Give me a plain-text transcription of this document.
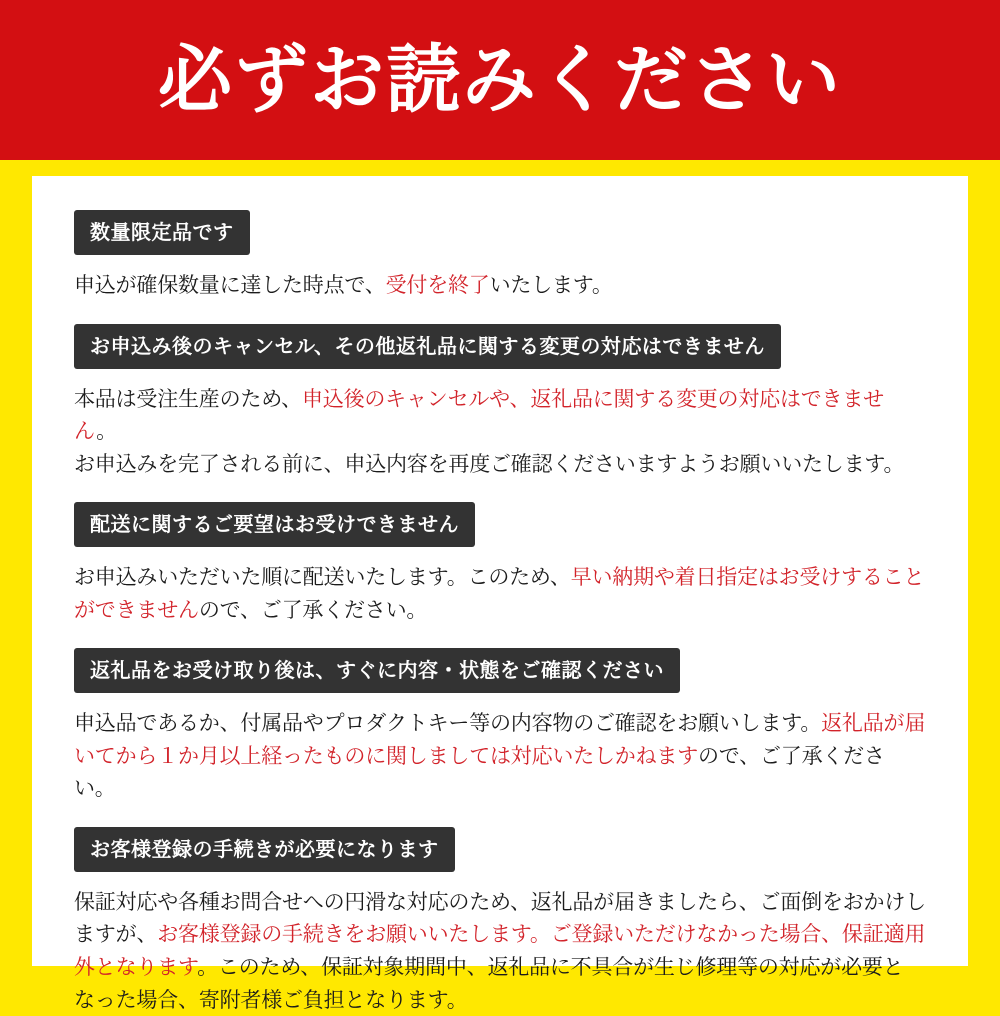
必ずお読みください
数量限定品です
申込が確保数量に達した時点で、受付を終了いたします。
お申込み後のキャンセル、その他返礼品に関する変更の対応はできません
本品は受注生産のため、申込後のキャンセルや、返礼品に関する変更の対応はできません。
お申込みを完了される前に、申込内容を再度ご確認くださいますようお願いいたします。
配送に関するご要望はお受けできません
お申込みいただいた順に配送いたします。このため、早い納期や着日指定はお受けすること
ができませんので、ご了承ください。
返礼品をお受け取り後は、すぐに内容・状態をご確認ください
申込品であるか、付属品やプロダクトキー等の内容物のご確認をお願いします。返礼品が届
いてから１か月以上経ったものに関しましては対応いたしかねますので、ご了承ください。
お客様登録の手続きが必要になります
保証対応や各種お問合せへの円滑な対応のため、返礼品が届きましたら、ご面倒をおかけし
ますが、お客様登録の手続きをお願いいたします。ご登録いただけなかった場合、保証適用
外となります。このため、保証対象期間中、返礼品に不具合が生じ修理等の対応が必要と
なった場合、寄附者様ご負担となります。
